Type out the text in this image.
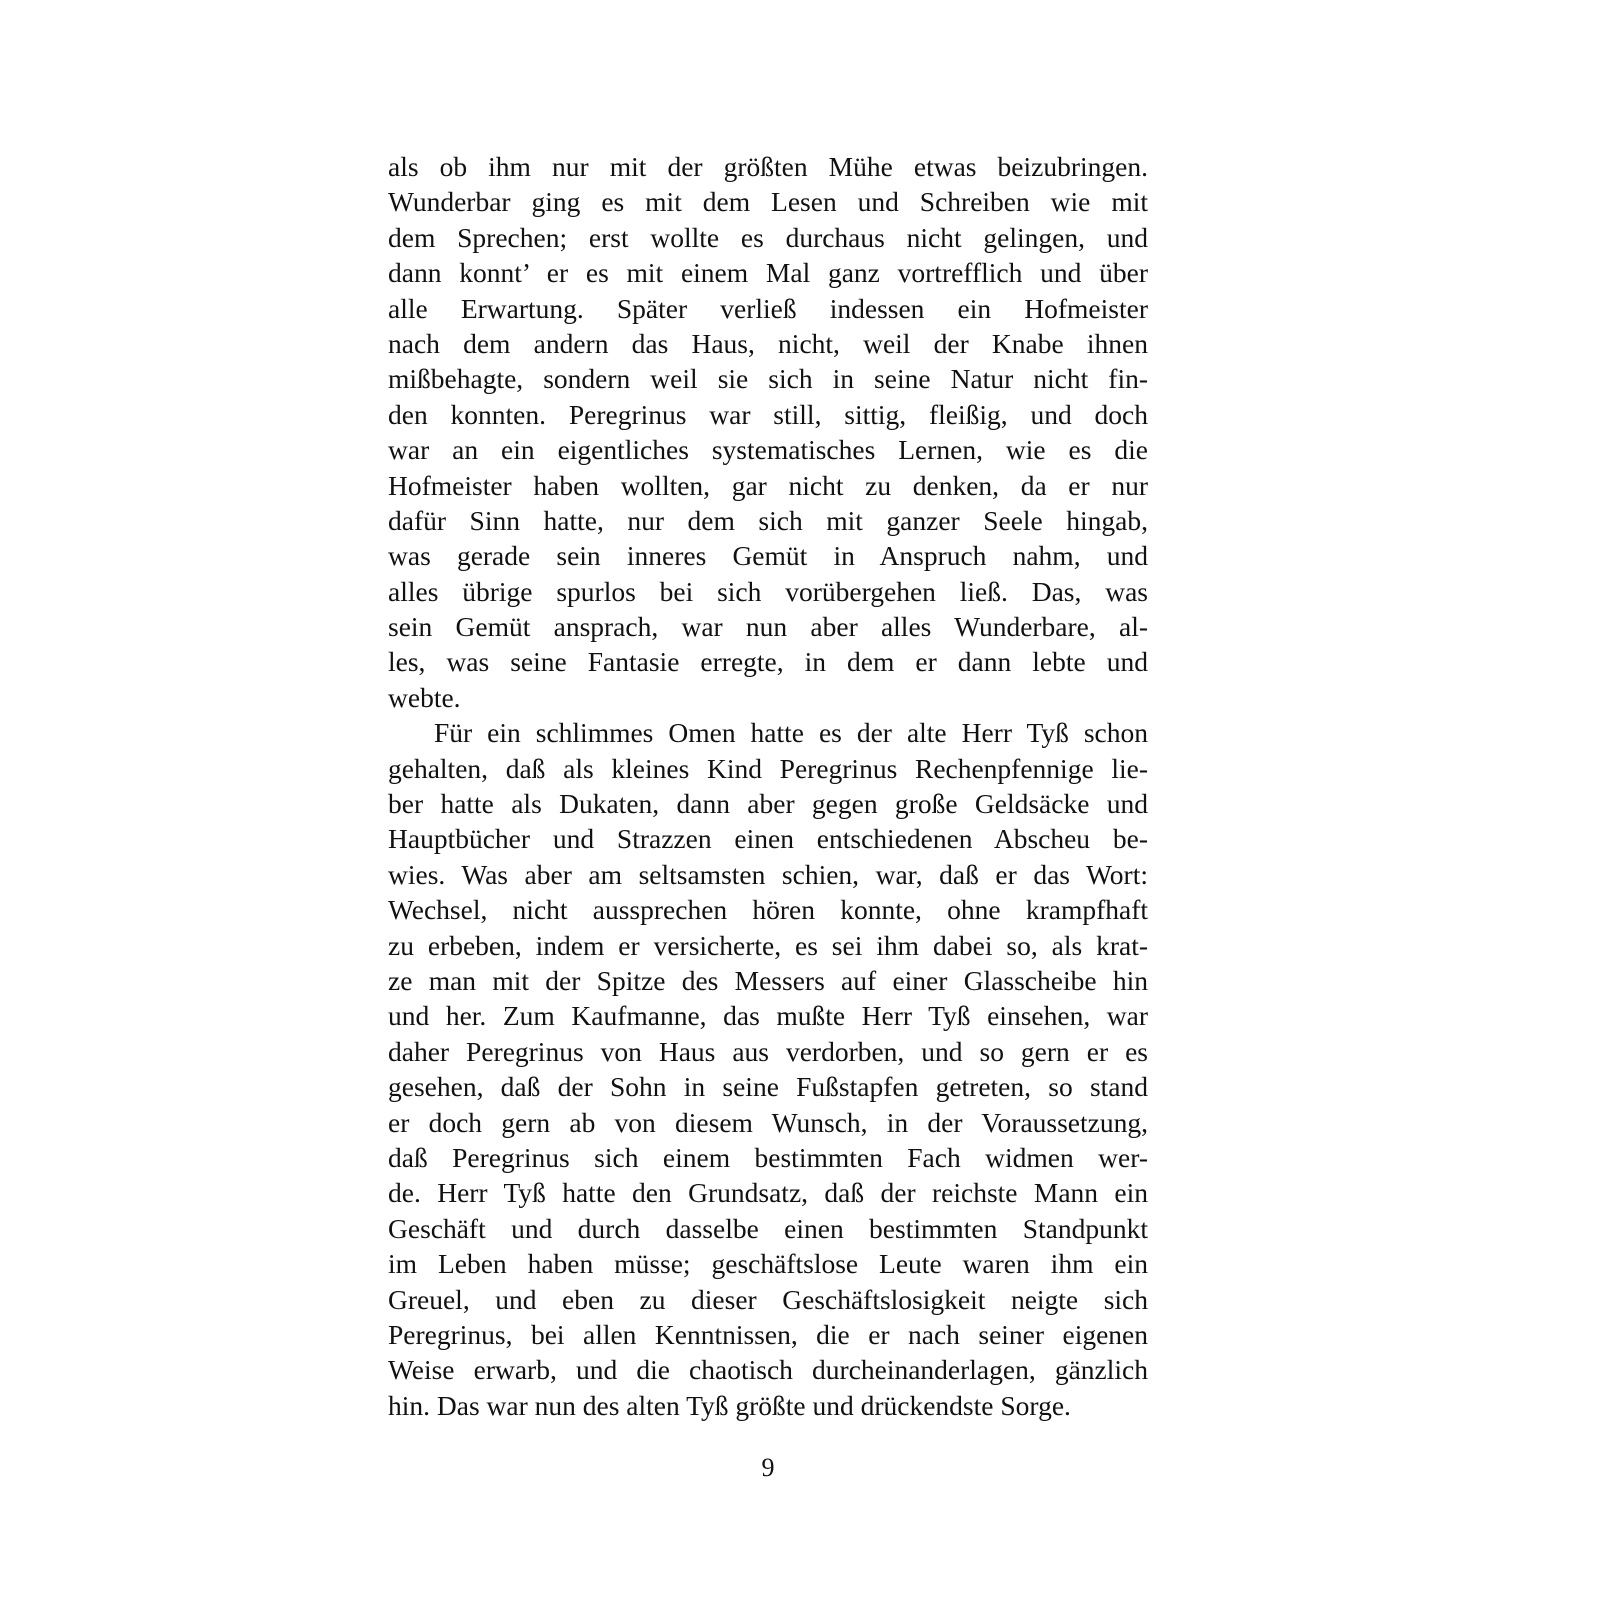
als ob ihm nur mit der größten Mühe etwas beizubringen.
Wunderbar ging es mit dem Lesen und Schreiben wie mit
dem Sprechen; erst wollte es durchaus nicht gelingen, und
dann konnt’ er es mit einem Mal ganz vortrefflich und über
alle Erwartung. Später verließ indessen ein Hofmeister
nach dem andern das Haus, nicht, weil der Knabe ihnen
mißbehagte, sondern weil sie sich in seine Natur nicht fin-
den konnten. Peregrinus war still, sittig, fleißig, und doch
war an ein eigentliches systematisches Lernen, wie es die
Hofmeister haben wollten, gar nicht zu denken, da er nur
dafür Sinn hatte, nur dem sich mit ganzer Seele hingab,
was gerade sein inneres Gemüt in Anspruch nahm, und
alles übrige spurlos bei sich vorübergehen ließ. Das, was
sein Gemüt ansprach, war nun aber alles Wunderbare, al-
les, was seine Fantasie erregte, in dem er dann lebte und
webte.
Für ein schlimmes Omen hatte es der alte Herr Tyß schon
gehalten, daß als kleines Kind Peregrinus Rechenpfennige lie-
ber hatte als Dukaten, dann aber gegen große Geldsäcke und
Hauptbücher und Strazzen einen entschiedenen Abscheu be-
wies. Was aber am seltsamsten schien, war, daß er das Wort:
Wechsel, nicht aussprechen hören konnte, ohne krampfhaft
zu erbeben, indem er versicherte, es sei ihm dabei so, als krat-
ze man mit der Spitze des Messers auf einer Glasscheibe hin
und her. Zum Kaufmanne, das mußte Herr Tyß einsehen, war
daher Peregrinus von Haus aus verdorben, und so gern er es
gesehen, daß der Sohn in seine Fußstapfen getreten, so stand
er doch gern ab von diesem Wunsch, in der Voraussetzung,
daß Peregrinus sich einem bestimmten Fach widmen wer-
de. Herr Tyß hatte den Grundsatz, daß der reichste Mann ein
Geschäft und durch dasselbe einen bestimmten Standpunkt
im Leben haben müsse; geschäftslose Leute waren ihm ein
Greuel, und eben zu dieser Geschäftslosigkeit neigte sich
Peregrinus, bei allen Kenntnissen, die er nach seiner eigenen
Weise erwarb, und die chaotisch durcheinanderlagen, gänzlich
hin. Das war nun des alten Tyß größte und drückendste Sorge.
9
